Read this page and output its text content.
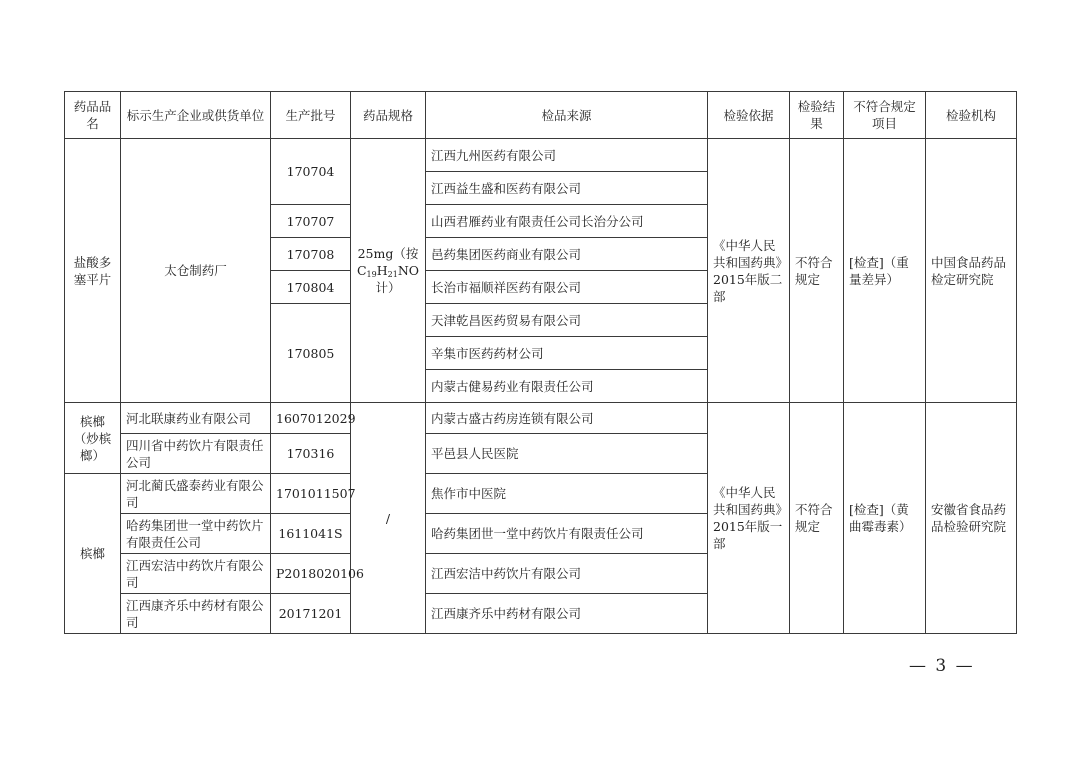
药品品名	标示生产企业或供货单位	生产批号	药品规格	检品来源	检验依据	检验结果	不符合规定项目	检验机构
盐酸多塞平片	太仓制药厂	170704	25mg（按$C_{19}H_{21}NO$计）	江西九州医药有限公司	《中华人民共和国药典》2015年版二部	不符合规定	[检查]（重量差异）	中国食品药品检定研究院
				江西益生盛和医药有限公司				
		170707		山西君雁药业有限责任公司长治分公司				
		170708		邑药集团医药商业有限公司				
		170804		长治市福顺祥医药有限公司				
		170805		天津乾昌医药贸易有限公司				
				辛集市医药药材公司				
				内蒙古健易药业有限责任公司				
槟榔（炒槟榔）	河北联康药业有限公司	1607012029	/	内蒙古盛古药房连锁有限公司	《中华人民共和国药典》2015年版一部	不符合规定	[检查]（黄曲霉毒素）	安徽省食品药品检验研究院
	四川省中药饮片有限责任公司	170316		平邑县人民医院				
槟榔	河北蔺氏盛泰药业有限公司	1701011507		焦作市中医院				
	哈药集团世一堂中药饮片有限责任公司	1611041S		哈药集团世一堂中药饮片有限责任公司				
	江西宏洁中药饮片有限公司	P2018020106		江西宏洁中药饮片有限公司				
	江西康齐乐中药材有限公司	20171201		江西康齐乐中药材有限公司				
— 3 —
